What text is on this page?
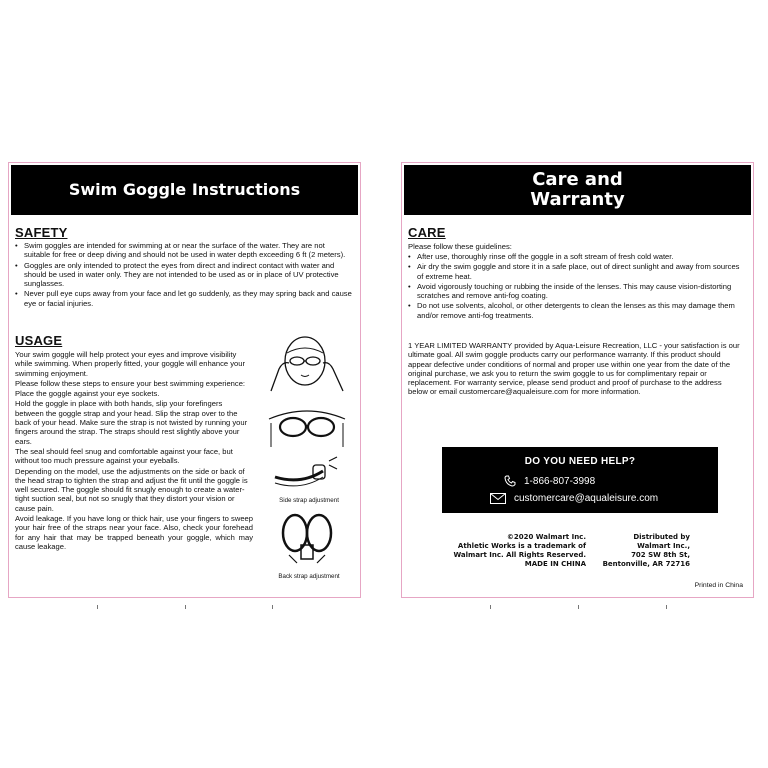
Swim Goggle Instructions
SAFETY
• Swim goggles are intended for swimming at or near the surface of the water. They are not suitable for free or deep diving and should not be used in water depth exceeding 6 ft (2 meters).
• Goggles are only intended to protect the eyes from direct and indirect contact with water and should be used in water only. They are not intended to be used as or in place of UV protective sunglasses.
• Never pull eye cups away from your face and let go suddenly, as they may spring back and cause eye or facial injuries.
USAGE

Your swim goggle will help protect your eyes and improve visibility while swimming. When properly fitted, your goggle will enhance your swimming enjoyment.

Please follow these steps to ensure your best swimming experience:

Place the goggle against your eye sockets.

Hold the goggle in place with both hands, slip your forefingers between the goggle strap and your head. Slip the strap over to the back of your head. Make sure the strap is not twisted by running your fingers around the strap. The straps should rest slightly above your ears.

The seal should feel snug and comfortable against your face, but without too much pressure against your eyeballs.

Depending on the model, use the adjustments on the side or back of the head strap to tighten the strap and adjust the fit until the goggle is well secured. The goggle should fit snugly enough to create a water-tight suction seal, but not so snugly that they distort your vision or cause pain.

Avoid leakage. If you have long or thick hair, use your fingers to sweep your hair free of the straps near your face. Also, check your forehead for any hair that may be trapped beneath your goggle, which may cause leakage.

Side strap adjustment
Back strap adjustment
Care and
Warranty
CARE
Please follow these guidelines:
• After use, thoroughly rinse off the goggle in a soft stream of fresh cold water.
• Air dry the swim goggle and store it in a safe place, out of direct sunlight and away from sources of extreme heat.
• Avoid vigorously touching or rubbing the inside of the lenses. This may cause vision-distorting scratches and remove anti-fog coating.
• Do not use solvents, alcohol, or other detergents to clean the lenses as this may damage them and/or remove anti-fog treatments.
1 YEAR LIMITED WARRANTY provided by Aqua-Leisure Recreation, LLC - your satisfaction is our ultimate goal. All swim goggle products carry our performance warranty. If this product should appear defective under conditions of normal and proper use within one year from the date of the original purchase, we ask you to return the swim goggle to us for complimentary repair or replacement. For warranty service, please send product and proof of purchase to the address below or email customercare@aqualeisure.com for more information.
DO YOU NEED HELP?
1-866-807-3998
customercare@aqualeisure.com
©2020 Walmart Inc.
Athletic Works is a trademark of
Walmart Inc. All Rights Reserved.
MADE IN CHINA
Distributed by
Walmart Inc.,
702 SW 8th St,
Bentonville, AR 72716
Printed in China
